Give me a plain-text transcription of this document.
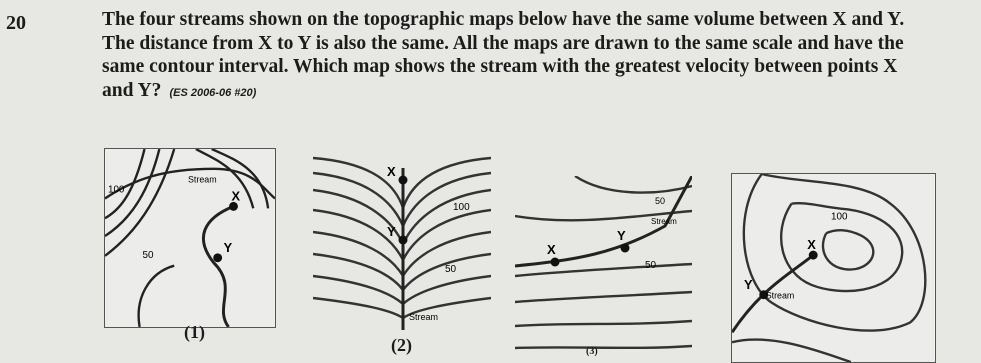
20	The four streams shown on the topographic maps below have the same volume between X and Y. The distance from X to Y is also the same. All the maps are drawn to the same scale and have the same contour interval. Which map shows the stream with the greatest velocity between points X and Y? (ES 2006-06 #20)

X
Y
Stream
100
50
(1)
X
Y
100
50
Stream
(2)
X
Y
Stream
50
50
(3)
X
Y
Stream
100
